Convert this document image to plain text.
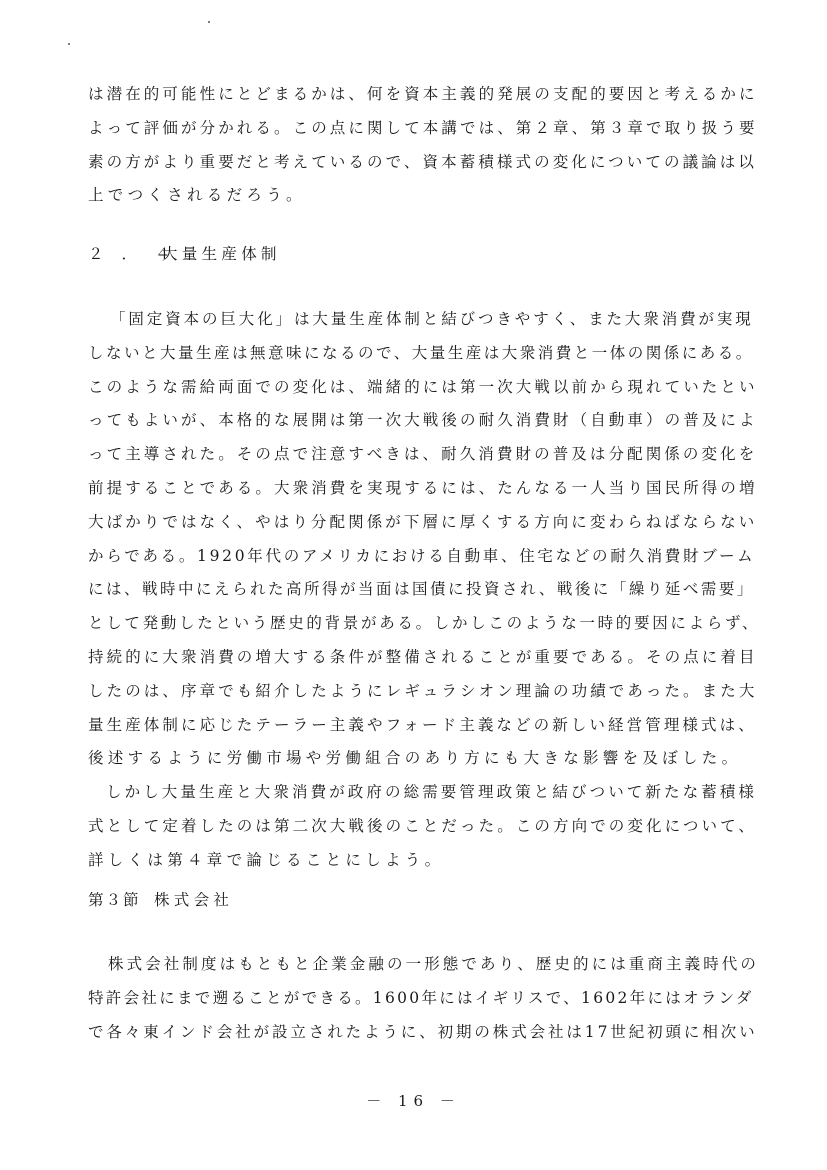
は潜在的可能性にとどまるかは、何を資本主義的発展の支配的要因と考えるかに
よって評価が分かれる。この点に関して本講では、第２章、第３章で取り扱う要
素の方がより重要だと考えているので、資本蓄積様式の変化についての議論は以
上でつくされるだろう。
２．４大量生産体制
「固定資本の巨大化」は大量生産体制と結びつきやすく、また大衆消費が実現
しないと大量生産は無意味になるので、大量生産は大衆消費と一体の関係にある。
このような需給両面での変化は、端緒的には第一次大戦以前から現れていたとい
ってもよいが、本格的な展開は第一次大戦後の耐久消費財（自動車）の普及によ
って主導された。その点で注意すべきは、耐久消費財の普及は分配関係の変化を
前提することである。大衆消費を実現するには、たんなる一人当り国民所得の増
大ばかりではなく、やはり分配関係が下層に厚くする方向に変わらねばならない
からである。1920年代のアメリカにおける自動車、住宅などの耐久消費財ブーム
には、戦時中にえられた高所得が当面は国債に投資され、戦後に「繰り延べ需要」
として発動したという歴史的背景がある。しかしこのような一時的要因によらず、
持続的に大衆消費の増大する条件が整備されることが重要である。その点に着目
したのは、序章でも紹介したようにレギュラシオン理論の功績であった。また大
量生産体制に応じたテーラー主義やフォード主義などの新しい経営管理様式は、
後述するように労働市場や労働組合のあり方にも大きな影響を及ぼした。
しかし大量生産と大衆消費が政府の総需要管理政策と結びついて新たな蓄積様
式として定着したのは第二次大戦後のことだった。この方向での変化について、
詳しくは第４章で論じることにしよう。
第３節 株式会社
株式会社制度はもともと企業金融の一形態であり、歴史的には重商主義時代の
特許会社にまで遡ることができる。1600年にはイギリスで、1602年にはオランダ
で各々東インド会社が設立されたように、初期の株式会社は17世紀初頭に相次い
－ 16 －
